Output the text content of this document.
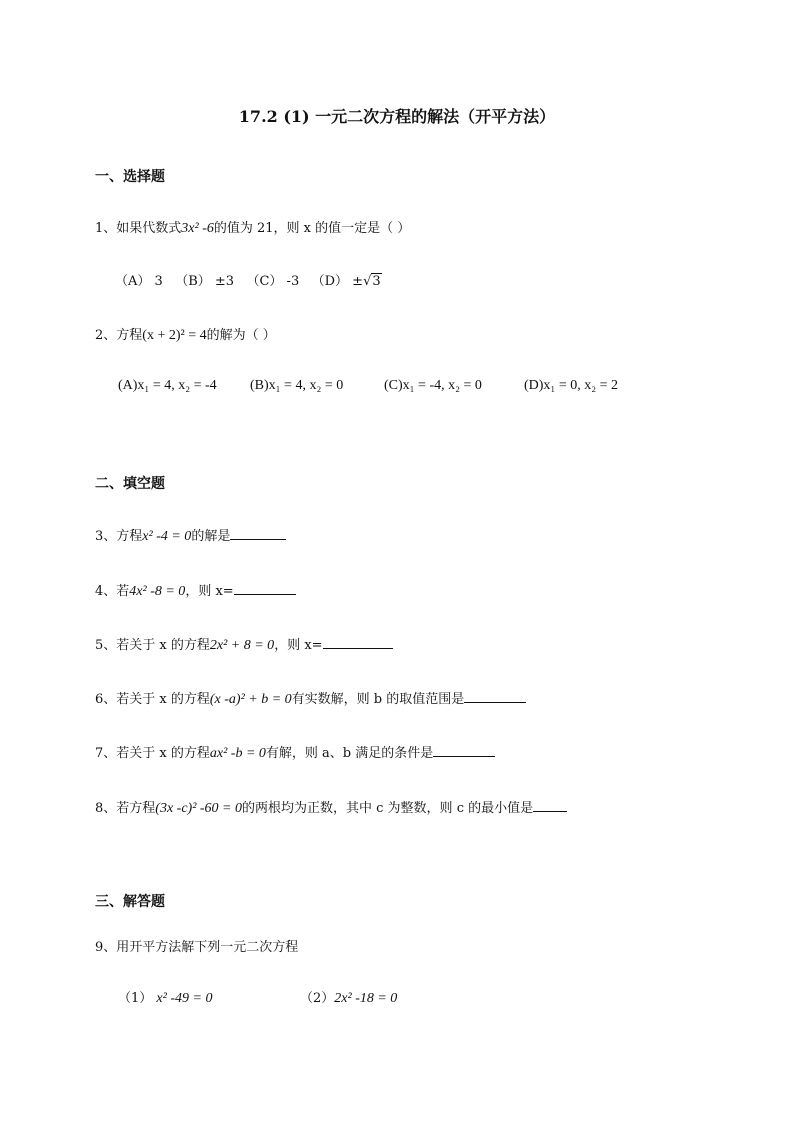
17.2 (1) 一元二次方程的解法（开平方法）
一、选择题
1、如果代数式3x² -6的值为 21，则 x 的值一定是（ ）
（A） 3 （B） ±3 （C） -3 （D） ±√3
2、方程(x + 2)² = 4的解为（ ）
(A)x₁ = 4, x₂ = -4 (B)x₁ = 4, x₂ = 0	(C)x₁ = -4, x₂ = 0	(D)x₁ = 0, x₂ = 2
二、填空题
3、方程x² -4 = 0的解是
4、若4x² -8 = 0，则 x=
5、若关于 x 的方程2x² + 8 = 0，则 x=
6、若关于 x 的方程(x -a)² + b = 0有实数解，则 b 的取值范围是
7、若关于 x 的方程ax² -b = 0有解，则 a、b 满足的条件是
8、若方程(3x -c)² -60 = 0的两根均为正数，其中 c 为整数，则 c 的最小值是
三、解答题
9、用开平方法解下列一元二次方程
（1） x² -49 = 0	（2）2x² -18 = 0
